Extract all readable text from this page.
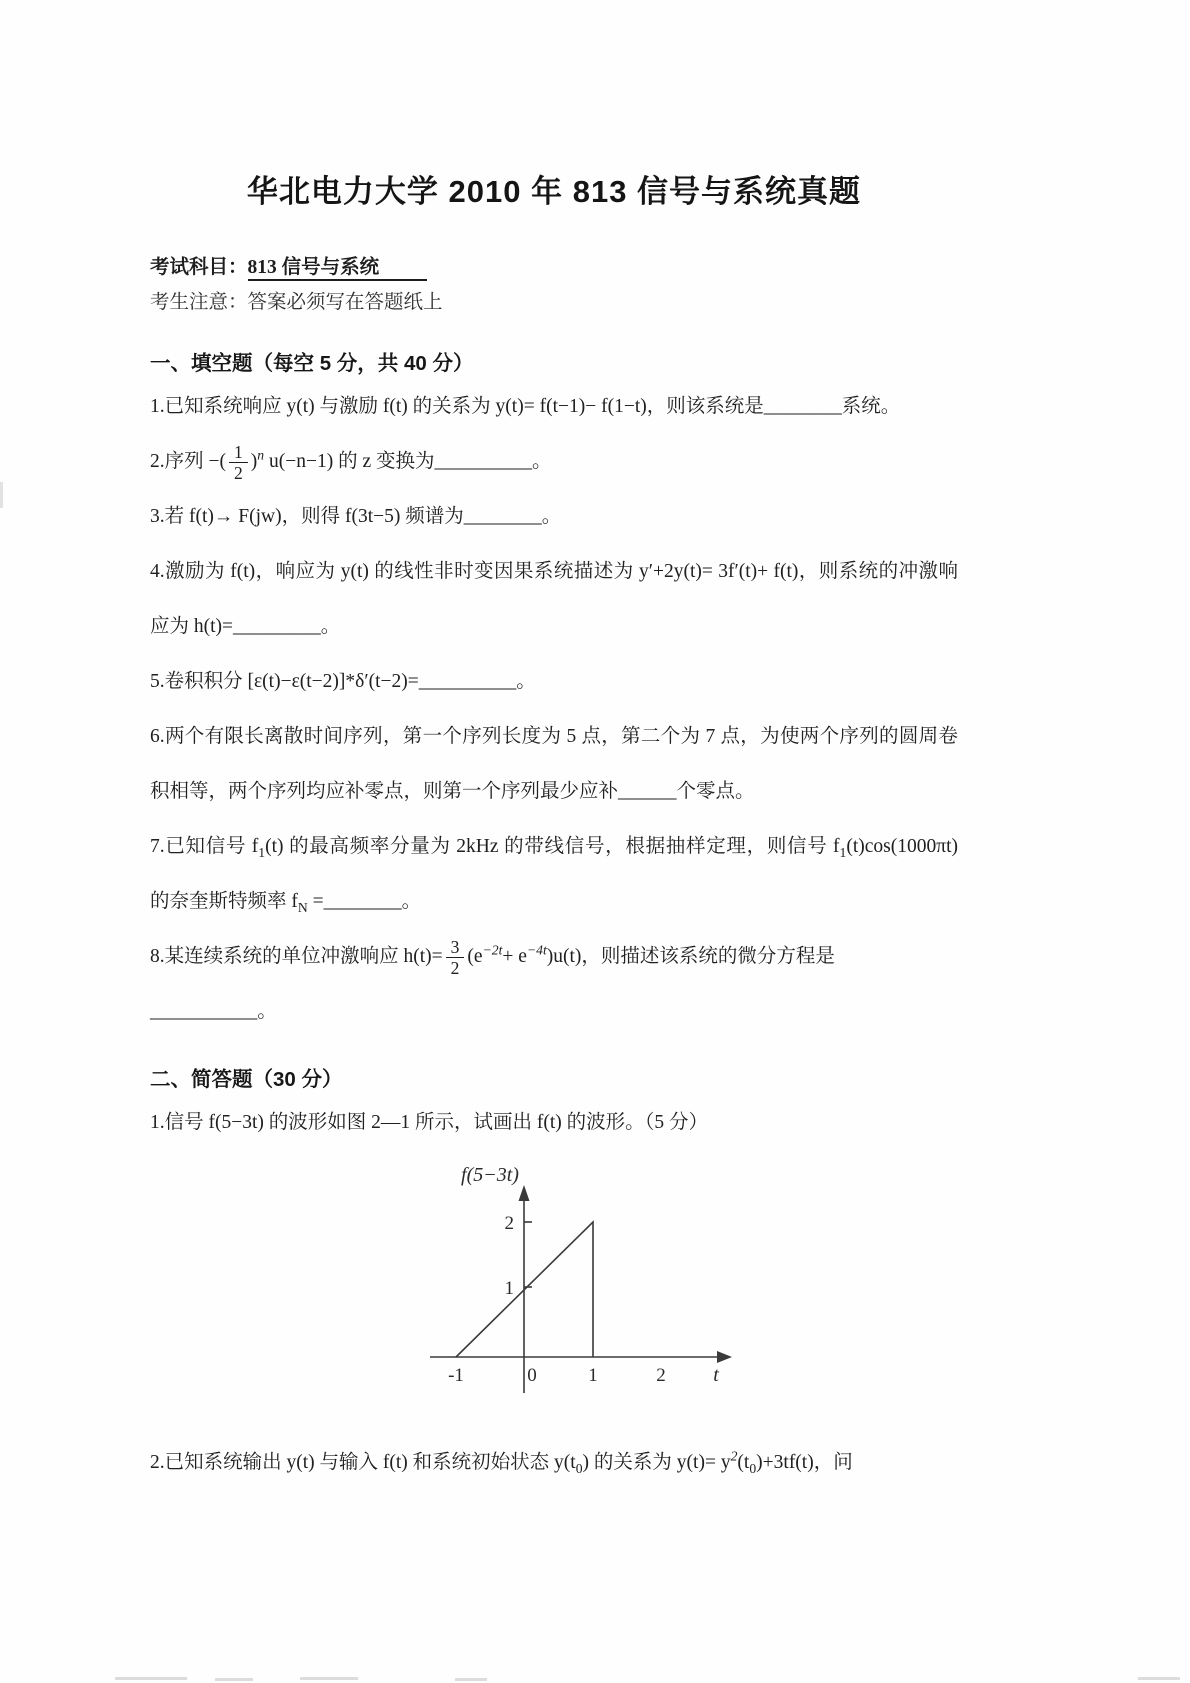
华北电力大学 2010 年 813 信号与系统真题
考试科目：813 信号与系统
考生注意：答案必须写在答题纸上
一、填空题（每空 5 分，共 40 分）

1.已知系统响应 y(t) 与激励 f(t) 的关系为 y(t)= f(t−1)− f(1−t)，则该系统是________系统。

2.序列 −( $\frac{1}{2} )^n$ u(−n−1) 的 z 变换为__________。

3.若 f(t)→ F(jw)，则得 f(3t−5) 频谱为________。

4.激励为 f(t)，响应为 y(t) 的线性非时变因果系统描述为 y′+2y(t)= 3f′(t)+ f(t)，则系统的冲激响应为 h(t)=_________。

5.卷积积分 [ε(t)−ε(t−2)]*δ′(t−2)=__________。

6.两个有限长离散时间序列，第一个序列长度为 5 点，第二个为 7 点，为使两个序列的圆周卷积相等，两个序列均应补零点，则第一个序列最少应补______个零点。

7.已知信号 $f_1(t)$ 的最高频率分量为 2kHz 的带线信号，根据抽样定理，则信号 $f_1(t)\cos(1000\pi t)$ 的奈奎斯特频率 $f_N$ =________。

8.某连续系统的单位冲激响应 $h(t)= \frac{3}{2} (e^{-2t}+ e^{-4t})u(t)$，则描述该系统的微分方程是___________。

二、简答题（30 分）

1.信号 f(5−3t) 的波形如图 2—1 所示，试画出 f(t) 的波形。（5 分）

f(5−3t)
2
1
-1	0	1	2 t

2.已知系统输出 y(t) 与输入 f(t) 和系统初始状态 $y(t_0)$ 的关系为 $y(t)= y^2(t_0)+3tf(t)$，问
